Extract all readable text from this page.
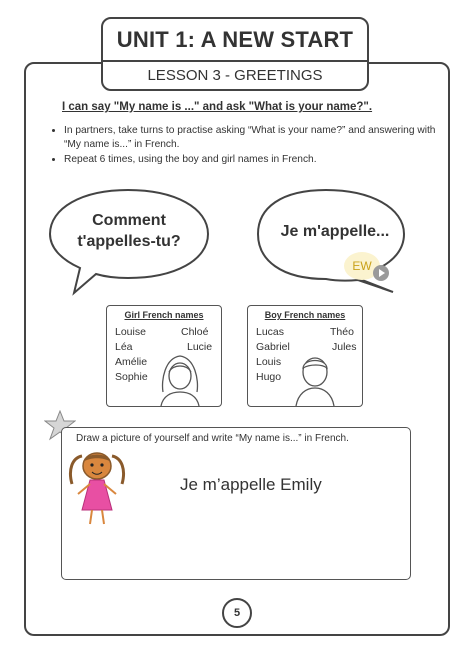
UNIT 1: A NEW START
LESSON 3 - GREETINGS
I can say "My name is ..." and ask "What is your name?".
• In partners, take turns to practise asking “What is your name?” and answering with “My name is...” in French.
• Repeat 6 times, using the boy and girl names in French.
Comment
t'appelles-tu?
Je m'appelle...
EW
Girl French names
Louise
Léa
Amélie
Sophie
Chloé
Lucie
Boy French names
Lucas
Gabriel
Louis
Hugo
Théo
Jules
Draw a picture of yourself and write “My name is...” in French.
Je m’appelle Emily
5
